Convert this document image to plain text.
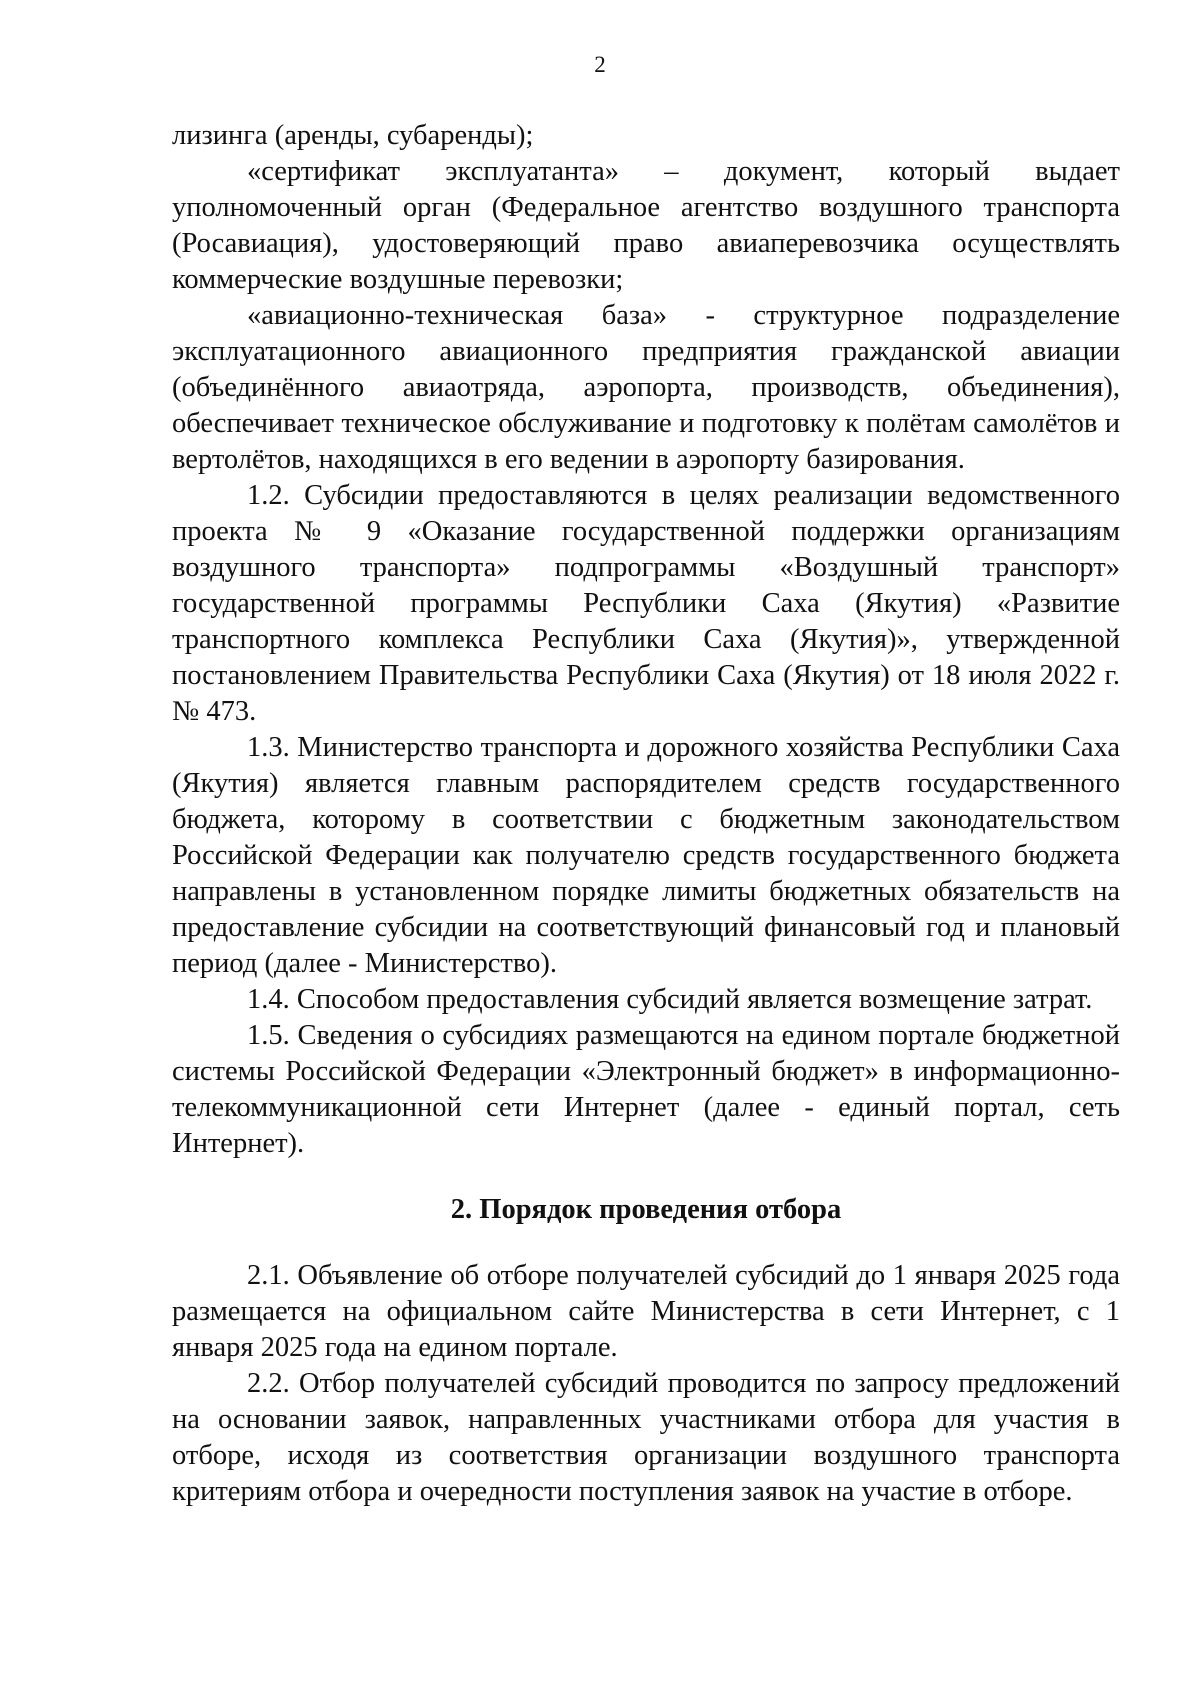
2

лизинга (аренды, субаренды);

«сертификат эксплуатанта» – документ, который выдает уполномоченный орган (Федеральное агентство воздушного транспорта (Росавиация), удостоверяющий право авиаперевозчика осуществлять коммерческие воздушные перевозки;

«авиационно-техническая база» - структурное подразделение эксплуатационного авиационного предприятия гражданской авиации (объединённого авиаотряда, аэропорта, производств, объединения), обеспечивает техническое обслуживание и подготовку к полётам самолётов и вертолётов, находящихся в его ведении в аэропорту базирования.

1.2. Субсидии предоставляются в целях реализации ведомственного проекта № 9 «Оказание государственной поддержки организациям воздушного транспорта» подпрограммы «Воздушный транспорт» государственной программы Республики Саха (Якутия) «Развитие транспортного комплекса Республики Саха (Якутия)», утвержденной постановлением Правительства Республики Саха (Якутия) от 18 июля 2022 г. № 473.

1.3. Министерство транспорта и дорожного хозяйства Республики Саха (Якутия) является главным распорядителем средств государственного бюджета, которому в соответствии с бюджетным законодательством Российской Федерации как получателю средств государственного бюджета направлены в установленном порядке лимиты бюджетных обязательств на предоставление субсидии на соответствующий финансовый год и плановый период (далее - Министерство).

1.4. Способом предоставления субсидий является возмещение затрат.

1.5. Сведения о субсидиях размещаются на едином портале бюджетной системы Российской Федерации «Электронный бюджет» в информационно-телекоммуникационной сети Интернет (далее - единый портал, сеть Интернет).

2. Порядок проведения отбора

2.1. Объявление об отборе получателей субсидий до 1 января 2025 года размещается на официальном сайте Министерства в сети Интернет, с 1 января 2025 года на едином портале.

2.2. Отбор получателей субсидий проводится по запросу предложений на основании заявок, направленных участниками отбора для участия в отборе, исходя из соответствия организации воздушного транспорта критериям отбора и очередности поступления заявок на участие в отборе.
